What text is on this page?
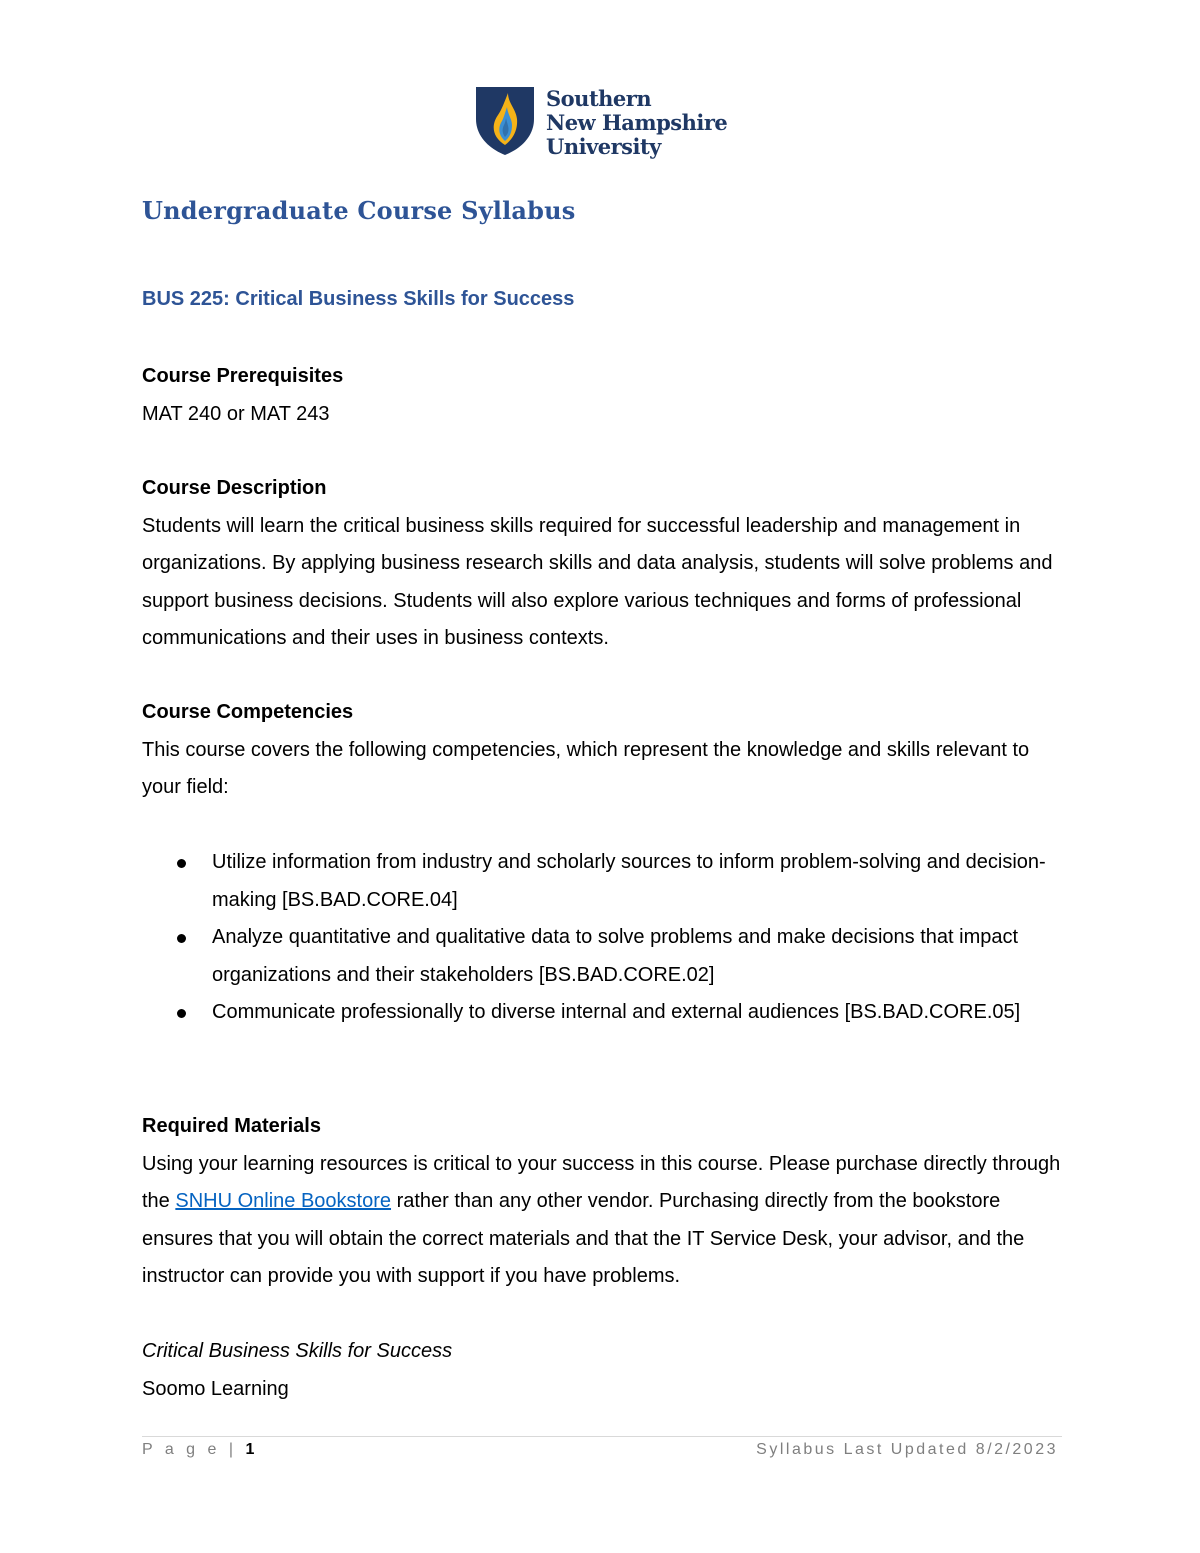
Southern
New Hampshire
University
Undergraduate Course Syllabus
BUS 225: Critical Business Skills for Success
Course Prerequisites
MAT 240 or MAT 243
Course Description

Students will learn the critical business skills required for successful leadership and management in organizations. By applying business research skills and data analysis, students will solve problems and support business decisions. Students will also explore various techniques and forms of professional communications and their uses in business contexts.

Course Competencies

This course covers the following competencies, which represent the knowledge and skills relevant to your field:

Utilize information from industry and scholarly sources to inform problem-solving and decision-making [BS.BAD.CORE.04]
Analyze quantitative and qualitative data to solve problems and make decisions that impact organizations and their stakeholders [BS.BAD.CORE.02]
Communicate professionally to diverse internal and external audiences [BS.BAD.CORE.05]
Required Materials

Using your learning resources is critical to your success in this course. Please purchase directly through the SNHU Online Bookstore rather than any other vendor. Purchasing directly from the bookstore ensures that you will obtain the correct materials and that the IT Service Desk, your advisor, and the instructor can provide you with support if you have problems.

Critical Business Skills for Success
Soomo Learning
P a g e | 1	Syllabus Last Updated 8/2/2023
